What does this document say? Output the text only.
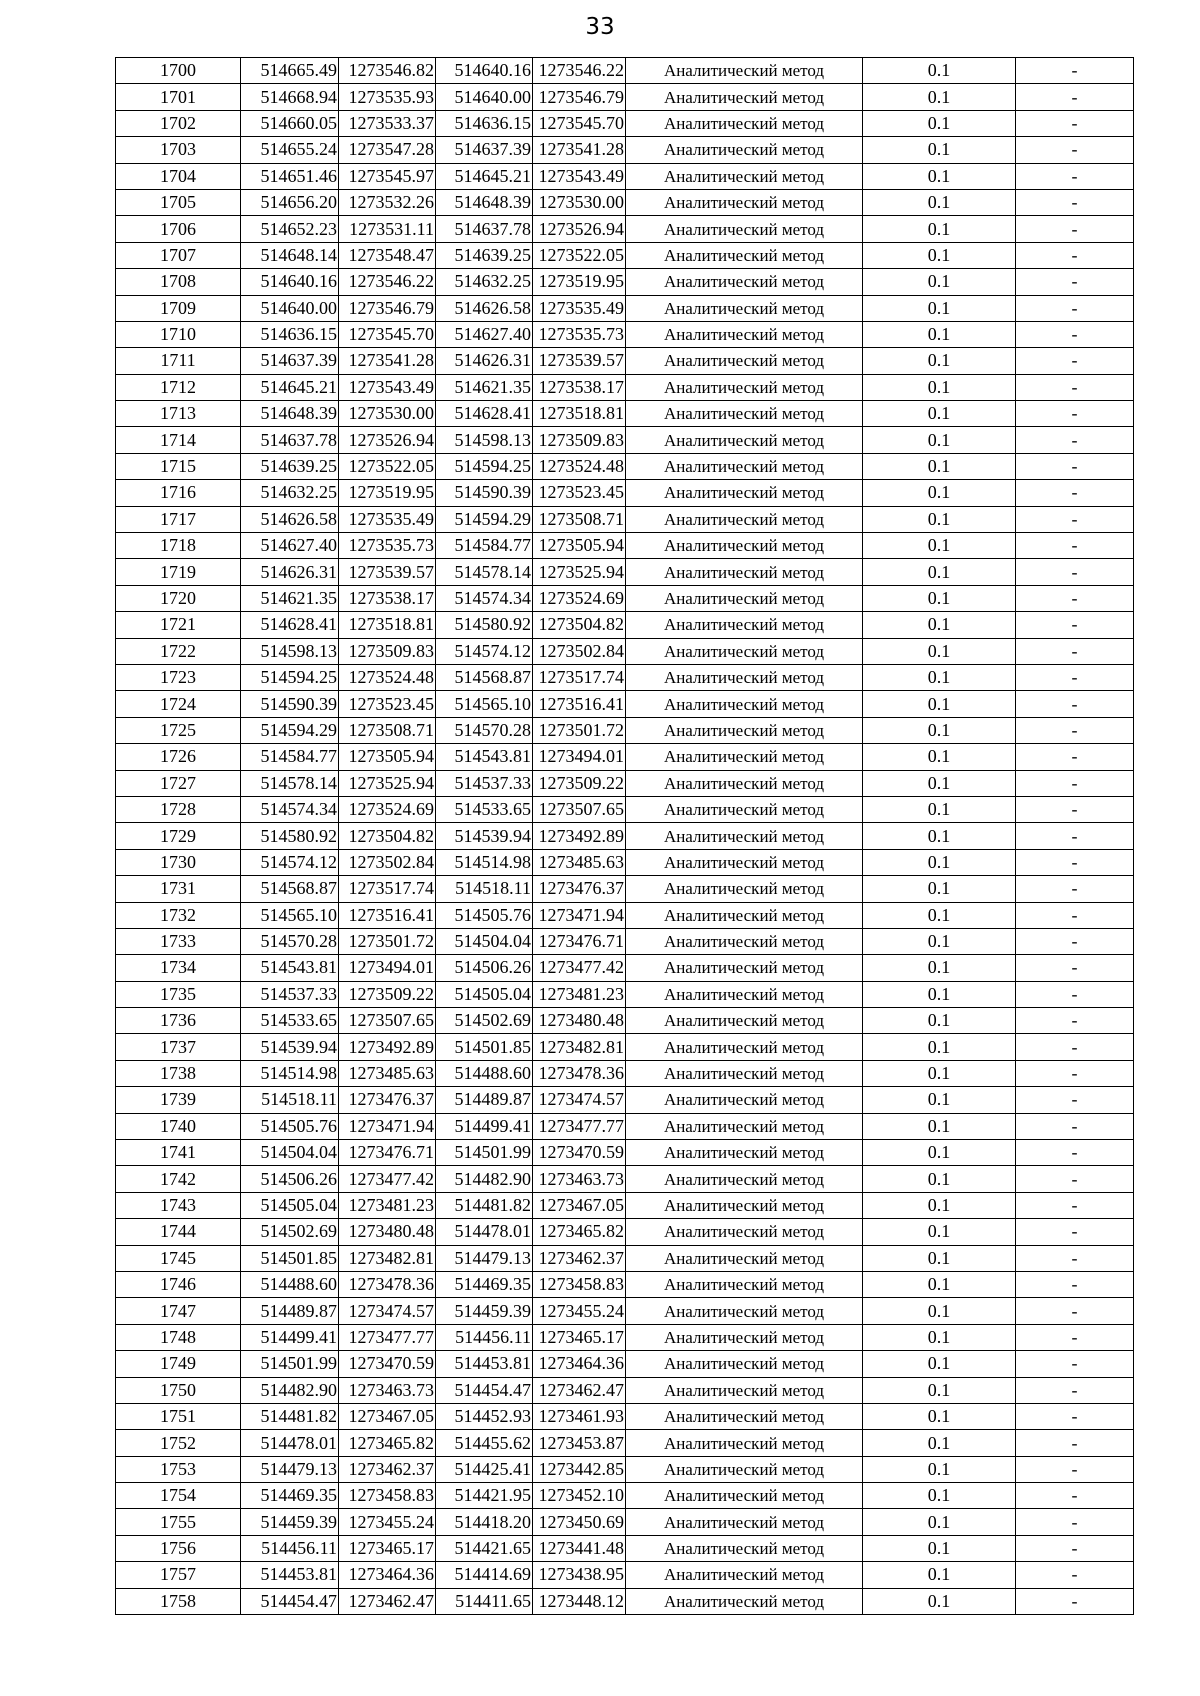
33
1700	514665.49	1273546.82	514640.16	1273546.22	Аналитический метод	0.1	-
1701	514668.94	1273535.93	514640.00	1273546.79	Аналитический метод	0.1	-
1702	514660.05	1273533.37	514636.15	1273545.70	Аналитический метод	0.1	-
1703	514655.24	1273547.28	514637.39	1273541.28	Аналитический метод	0.1	-
1704	514651.46	1273545.97	514645.21	1273543.49	Аналитический метод	0.1	-
1705	514656.20	1273532.26	514648.39	1273530.00	Аналитический метод	0.1	-
1706	514652.23	1273531.11	514637.78	1273526.94	Аналитический метод	0.1	-
1707	514648.14	1273548.47	514639.25	1273522.05	Аналитический метод	0.1	-
1708	514640.16	1273546.22	514632.25	1273519.95	Аналитический метод	0.1	-
1709	514640.00	1273546.79	514626.58	1273535.49	Аналитический метод	0.1	-
1710	514636.15	1273545.70	514627.40	1273535.73	Аналитический метод	0.1	-
1711	514637.39	1273541.28	514626.31	1273539.57	Аналитический метод	0.1	-
1712	514645.21	1273543.49	514621.35	1273538.17	Аналитический метод	0.1	-
1713	514648.39	1273530.00	514628.41	1273518.81	Аналитический метод	0.1	-
1714	514637.78	1273526.94	514598.13	1273509.83	Аналитический метод	0.1	-
1715	514639.25	1273522.05	514594.25	1273524.48	Аналитический метод	0.1	-
1716	514632.25	1273519.95	514590.39	1273523.45	Аналитический метод	0.1	-
1717	514626.58	1273535.49	514594.29	1273508.71	Аналитический метод	0.1	-
1718	514627.40	1273535.73	514584.77	1273505.94	Аналитический метод	0.1	-
1719	514626.31	1273539.57	514578.14	1273525.94	Аналитический метод	0.1	-
1720	514621.35	1273538.17	514574.34	1273524.69	Аналитический метод	0.1	-
1721	514628.41	1273518.81	514580.92	1273504.82	Аналитический метод	0.1	-
1722	514598.13	1273509.83	514574.12	1273502.84	Аналитический метод	0.1	-
1723	514594.25	1273524.48	514568.87	1273517.74	Аналитический метод	0.1	-
1724	514590.39	1273523.45	514565.10	1273516.41	Аналитический метод	0.1	-
1725	514594.29	1273508.71	514570.28	1273501.72	Аналитический метод	0.1	-
1726	514584.77	1273505.94	514543.81	1273494.01	Аналитический метод	0.1	-
1727	514578.14	1273525.94	514537.33	1273509.22	Аналитический метод	0.1	-
1728	514574.34	1273524.69	514533.65	1273507.65	Аналитический метод	0.1	-
1729	514580.92	1273504.82	514539.94	1273492.89	Аналитический метод	0.1	-
1730	514574.12	1273502.84	514514.98	1273485.63	Аналитический метод	0.1	-
1731	514568.87	1273517.74	514518.11	1273476.37	Аналитический метод	0.1	-
1732	514565.10	1273516.41	514505.76	1273471.94	Аналитический метод	0.1	-
1733	514570.28	1273501.72	514504.04	1273476.71	Аналитический метод	0.1	-
1734	514543.81	1273494.01	514506.26	1273477.42	Аналитический метод	0.1	-
1735	514537.33	1273509.22	514505.04	1273481.23	Аналитический метод	0.1	-
1736	514533.65	1273507.65	514502.69	1273480.48	Аналитический метод	0.1	-
1737	514539.94	1273492.89	514501.85	1273482.81	Аналитический метод	0.1	-
1738	514514.98	1273485.63	514488.60	1273478.36	Аналитический метод	0.1	-
1739	514518.11	1273476.37	514489.87	1273474.57	Аналитический метод	0.1	-
1740	514505.76	1273471.94	514499.41	1273477.77	Аналитический метод	0.1	-
1741	514504.04	1273476.71	514501.99	1273470.59	Аналитический метод	0.1	-
1742	514506.26	1273477.42	514482.90	1273463.73	Аналитический метод	0.1	-
1743	514505.04	1273481.23	514481.82	1273467.05	Аналитический метод	0.1	-
1744	514502.69	1273480.48	514478.01	1273465.82	Аналитический метод	0.1	-
1745	514501.85	1273482.81	514479.13	1273462.37	Аналитический метод	0.1	-
1746	514488.60	1273478.36	514469.35	1273458.83	Аналитический метод	0.1	-
1747	514489.87	1273474.57	514459.39	1273455.24	Аналитический метод	0.1	-
1748	514499.41	1273477.77	514456.11	1273465.17	Аналитический метод	0.1	-
1749	514501.99	1273470.59	514453.81	1273464.36	Аналитический метод	0.1	-
1750	514482.90	1273463.73	514454.47	1273462.47	Аналитический метод	0.1	-
1751	514481.82	1273467.05	514452.93	1273461.93	Аналитический метод	0.1	-
1752	514478.01	1273465.82	514455.62	1273453.87	Аналитический метод	0.1	-
1753	514479.13	1273462.37	514425.41	1273442.85	Аналитический метод	0.1	-
1754	514469.35	1273458.83	514421.95	1273452.10	Аналитический метод	0.1	-
1755	514459.39	1273455.24	514418.20	1273450.69	Аналитический метод	0.1	-
1756	514456.11	1273465.17	514421.65	1273441.48	Аналитический метод	0.1	-
1757	514453.81	1273464.36	514414.69	1273438.95	Аналитический метод	0.1	-
1758	514454.47	1273462.47	514411.65	1273448.12	Аналитический метод	0.1	-
